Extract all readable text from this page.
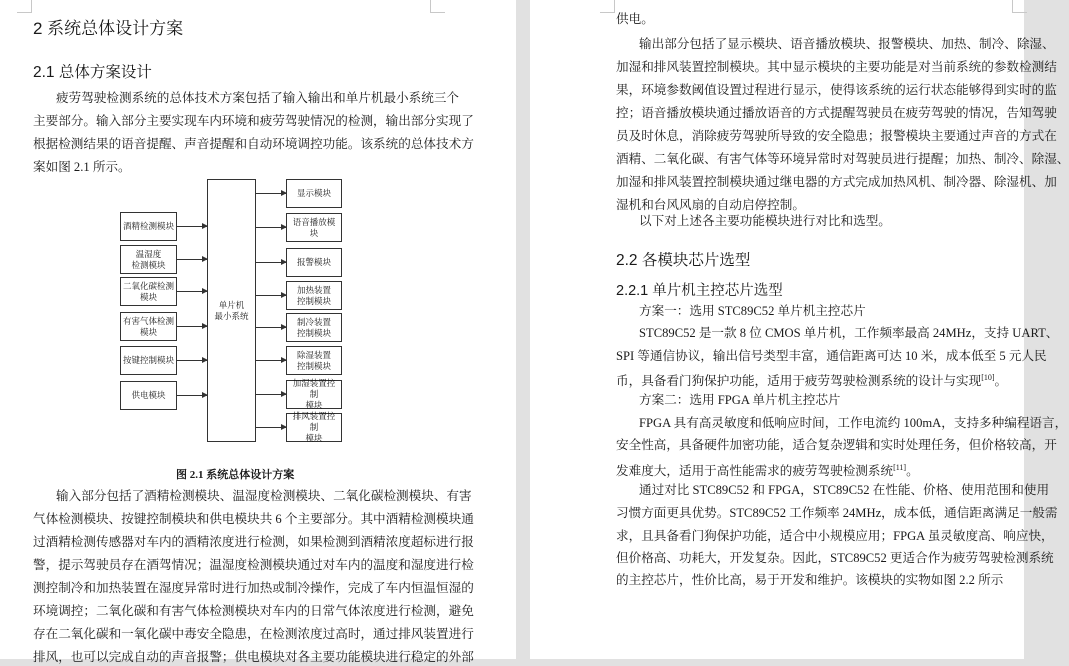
2 系统总体设计方案
2.1 总体方案设计
疲劳驾驶检测系统的总体技术方案包括了输入输出和单片机最小系统三个
主要部分。输入部分主要实现车内环境和疲劳驾驶情况的检测，输出部分实现了
根据检测结果的语音提醒、声音提醒和自动环境调控功能。该系统的总体技术方
案如图 2.1 所示。
单片机
最小系统
酒精检测模块
温湿度
检测模块
二氧化碳检测
模块
有害气体检测
模块
按键控制模块
供电模块
显示模块
语音播放模块
报警模块
加热装置
控制模块
制冷装置
控制模块
除湿装置
控制模块
加湿装置控制
模块
排风装置控制
模块
图 2.1 系统总体设计方案
输入部分包括了酒精检测模块、温湿度检测模块、二氧化碳检测模块、有害
气体检测模块、按键控制模块和供电模块共 6 个主要部分。其中酒精检测模块通
过酒精检测传感器对车内的酒精浓度进行检测，如果检测到酒精浓度超标进行报
警，提示驾驶员存在酒驾情况；温湿度检测模块通过对车内的温度和湿度进行检
测控制冷和加热装置在湿度异常时进行加热或制冷操作，完成了车内恒温恒湿的
环境调控；二氧化碳和有害气体检测模块对车内的日常气体浓度进行检测，避免
存在二氧化碳和一氧化碳中毒安全隐患，在检测浓度过高时，通过排风装置进行
排风，也可以完成自动的声音报警；供电模块对各主要功能模块进行稳定的外部
供电。
输出部分包括了显示模块、语音播放模块、报警模块、加热、制冷、除湿、
加湿和排风装置控制模块。其中显示模块的主要功能是对当前系统的参数检测结
果，环境参数阈值设置过程进行显示，使得该系统的运行状态能够得到实时的监
控；语音播放模块通过播放语音的方式提醒驾驶员在疲劳驾驶的情况，告知驾驶
员及时休息，消除疲劳驾驶所导致的安全隐患；报警模块主要通过声音的方式在
酒精、二氧化碳、有害气体等环境异常时对驾驶员进行提醒；加热、制冷、除湿、
加湿和排风装置控制模块通过继电器的方式完成加热风机、制冷器、除湿机、加
湿机和台风风扇的自动启停控制。
以下对上述各主要功能模块进行对比和选型。
2.2 各模块芯片选型
2.2.1 单片机主控芯片选型
方案一：选用 STC89C52 单片机主控芯片
STC89C52 是一款 8 位 CMOS 单片机，工作频率最高 24MHz，支持 UART、
SPI 等通信协议，输出信号类型丰富，通信距离可达 10 米，成本低至 5 元人民
币，具备看门狗保护功能，适用于疲劳驾驶检测系统的设计与实现[10]。
方案二：选用 FPGA 单片机主控芯片
FPGA 具有高灵敏度和低响应时间，工作电流约 100mA，支持多种编程语言，
安全性高，具备硬件加密功能，适合复杂逻辑和实时处理任务，但价格较高，开
发难度大，适用于高性能需求的疲劳驾驶检测系统[11]。
通过对比 STC89C52 和 FPGA，STC89C52 在性能、价格、使用范围和使用
习惯方面更具优势。STC89C52 工作频率 24MHz，成本低，通信距离满足一般需
求，且具备看门狗保护功能，适合中小规模应用；FPGA 虽灵敏度高、响应快，
但价格高、功耗大，开发复杂。因此，STC89C52 更适合作为疲劳驾驶检测系统
的主控芯片，性价比高，易于开发和维护。该模块的实物如图 2.2 所示
